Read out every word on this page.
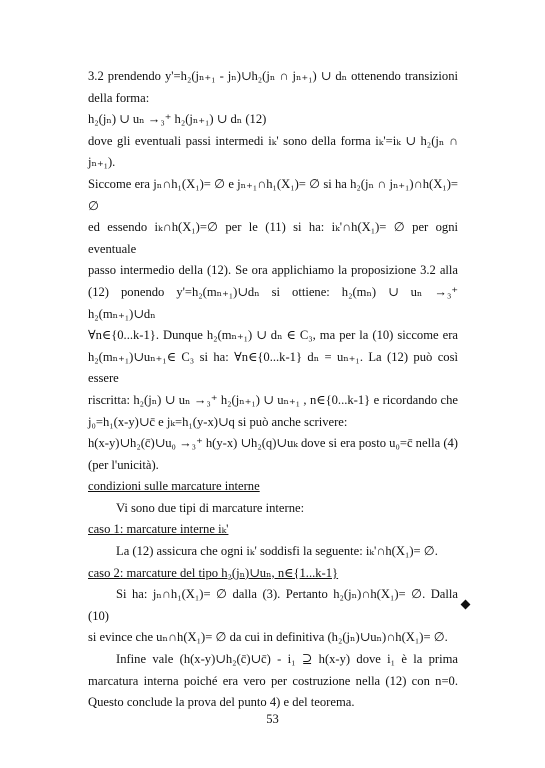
3.2 prendendo y'=h₂(jₙ₊₁ - jₙ)∪h₂(jₙ ∩ jₙ₊₁) ∪ dₙ ottenendo transizioni
della forma:
h₂(jₙ) ∪ uₙ →₃⁺ h₂(jₙ₊₁) ∪ dₙ (12)
dove gli eventuali passi intermedi iₖ' sono della forma iₖ'=iₖ ∪ h₂(jₙ ∩ jₙ₊₁).
Siccome era jₙ∩h₁(X₁)= ∅ e jₙ₊₁∩h₁(X₁)= ∅ si ha h₂(jₙ ∩ jₙ₊₁)∩h(X₁)= ∅
ed essendo iₖ∩h(X₁)=∅ per le (11) si ha: iₖ'∩h(X₁)= ∅ per ogni eventuale
passo intermedio della (12). Se ora applichiamo la proposizione 3.2 alla
(12) ponendo y'=h₂(mₙ₊₁)∪dₙ si ottiene: h₂(mₙ) ∪ uₙ →₃⁺ h₂(mₙ₊₁)∪dₙ
∀n∈{0...k-1}. Dunque h₂(mₙ₊₁) ∪ dₙ ∈ C₃, ma per la (10) siccome era
h₂(mₙ₊₁)∪uₙ₊₁∈ C₃ si ha: ∀n∈{0...k-1} dₙ = uₙ₊₁. La (12) può così essere
riscritta: h₂(jₙ) ∪ uₙ →₃⁺ h₂(jₙ₊₁) ∪ uₙ₊₁ , n∈{0...k-1} e ricordando che
j₀=h₁(x-y)∪c̄ e jₖ=h₁(y-x)∪q si può anche scrivere:
h(x-y)∪h₂(c̄)∪u₀ →₃⁺ h(y-x) ∪h₂(q)∪uₖ dove si era posto u₀=c̄ nella (4)
(per l'unicità).
condizioni sulle marcature interne
Vi sono due tipi di marcature interne:
caso 1: marcature interne iₖ'
La (12) assicura che ogni iₖ' soddisfi la seguente: iₖ'∩h(X₁)= ∅.
caso 2: marcature del tipo h₂(jₙ)∪uₙ, n∈{1...k-1}
Si ha: jₙ∩h₁(X₁)= ∅ dalla (3). Pertanto h₂(jₙ)∩h(X₁)= ∅. Dalla (10)
si evince che uₙ∩h(X₁)= ∅ da cui in definitiva (h₂(jₙ)∪uₙ)∩h(X₁)= ∅.
Infine vale (h(x-y)∪h₂(c̄)∪c̄) - i₁ ⊇ h(x-y) dove i₁ è la prima
marcatura interna poiché era vero per costruzione nella (12) con n=0.
Questo conclude la prova del punto 4) e del teorema.
53
